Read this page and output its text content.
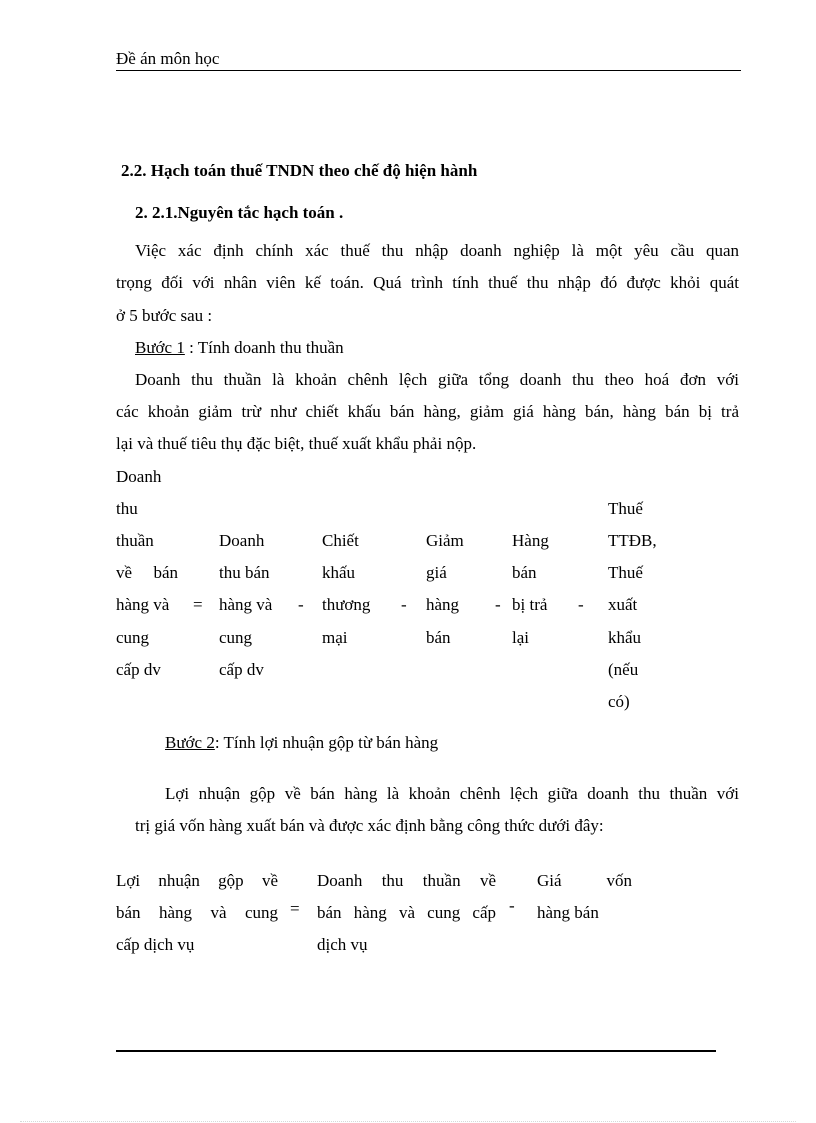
Đề án môn học
2.2. Hạch toán thuế TNDN theo chế độ hiện hành
2. 2.1.Nguyên tắc hạch toán .
Việc xác định chính xác thuế thu nhập doanh nghiệp là một yêu cầu quan
trọng đối với nhân viên kế toán. Quá trình tính thuế thu nhập đó được khỏi quát
ở 5 bước sau :
Bước 1 : Tính doanh thu thuần
Doanh thu thuần là khoản chênh lệch giữa tổng doanh thu theo hoá đơn với
các khoản giảm trừ như chiết khấu bán hàng, giảm giá hàng bán, hàng bán bị trả
lại và thuế tiêu thụ đặc biệt, thuế xuất khẩu phải nộp.
Doanh
thu
thuần
về bán
hàng và
cung
cấp dv
=
Doanh
thu bán
hàng và
cung
cấp dv
-
Chiết
khấu
thương
mại
-
Giảm
giá
hàng
bán
-
Hàng
bán
bị trả
lại
-
Thuế
TTĐB,
Thuế
xuất
khẩu
(nếu
có)
Bước 2: Tính lợi nhuận gộp từ bán hàng
Lợi nhuận gộp về bán hàng là khoản chênh lệch giữa doanh thu thuần với
trị giá vốn hàng xuất bán và được xác định bằng công thức dưới đây:
Lợi nhuận gộp về
bán hàng và cung
cấp dịch vụ
=
Doanh thu thuần về
bán hàng và cung cấp
dịch vụ
-
Giá vốn
hàng bán
